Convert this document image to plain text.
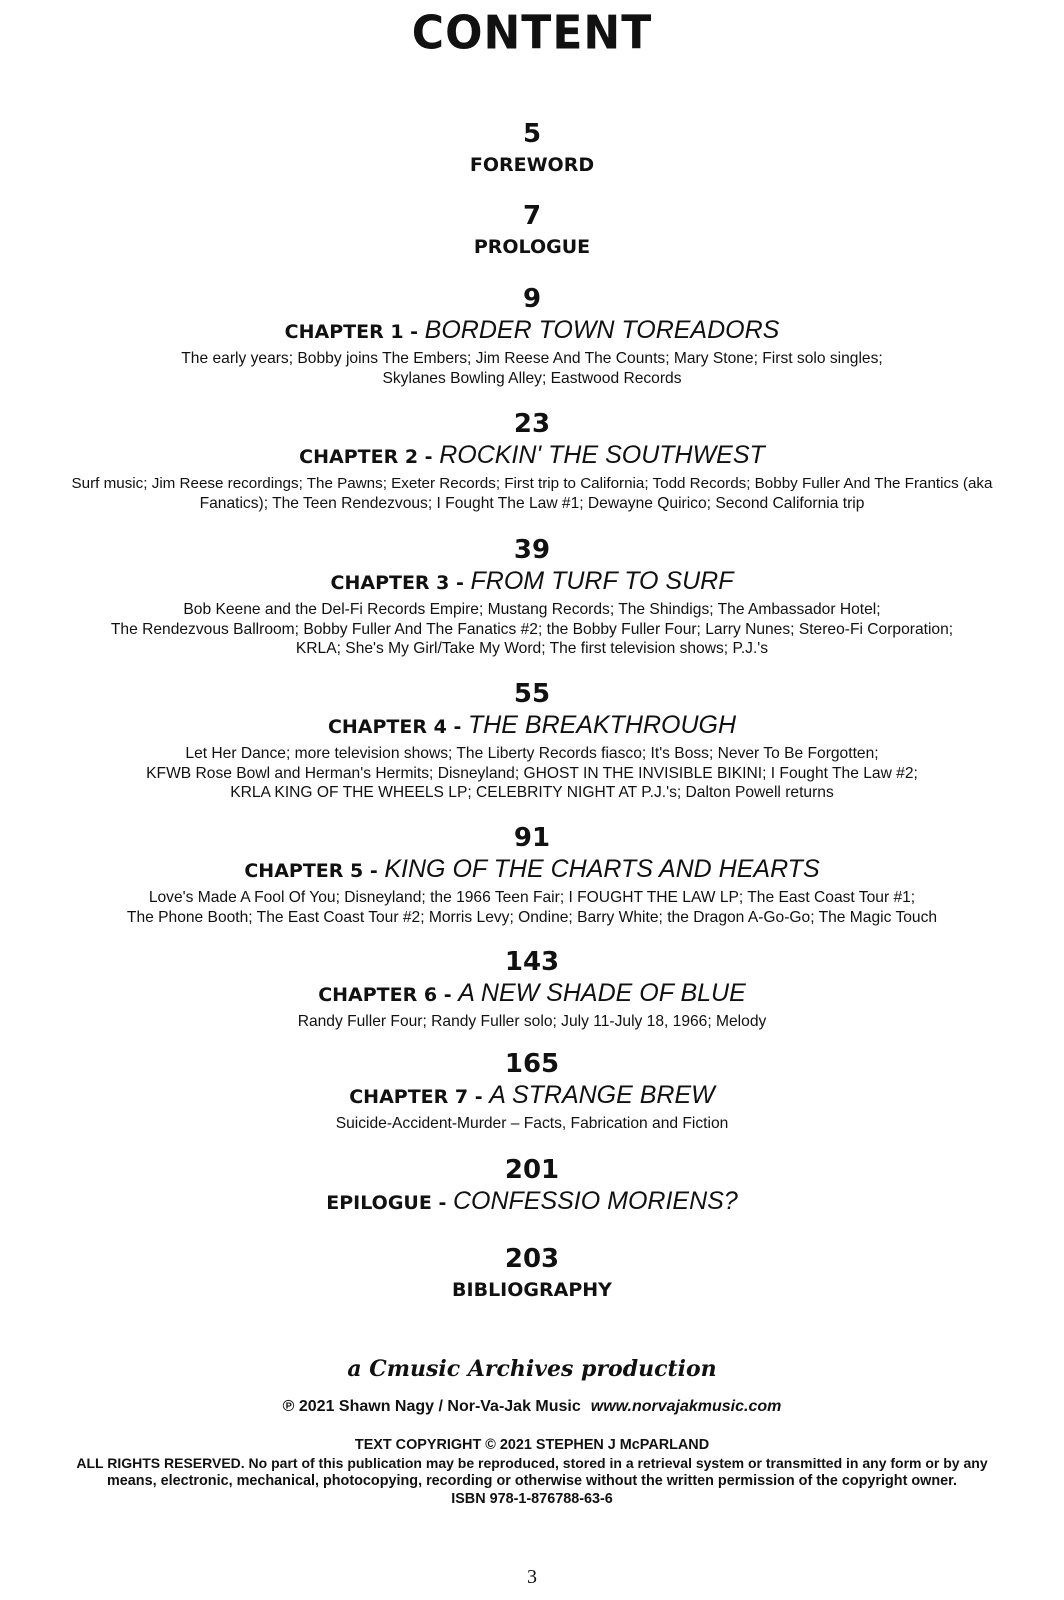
CONTENT
5
FOREWORD
7
PROLOGUE
9
CHAPTER 1 - BORDER TOWN TOREADORS
The early years; Bobby joins The Embers; Jim Reese And The Counts; Mary Stone; First solo singles;
Skylanes Bowling Alley; Eastwood Records
23
CHAPTER 2 - ROCKIN' THE SOUTHWEST
Surf music; Jim Reese recordings; The Pawns; Exeter Records; First trip to California; Todd Records; Bobby Fuller And The Frantics (aka
Fanatics); The Teen Rendezvous; I Fought The Law #1; Dewayne Quirico; Second California trip
39
CHAPTER 3 - FROM TURF TO SURF
Bob Keene and the Del-Fi Records Empire; Mustang Records; The Shindigs; The Ambassador Hotel;
The Rendezvous Ballroom; Bobby Fuller And The Fanatics #2; the Bobby Fuller Four; Larry Nunes; Stereo-Fi Corporation;
KRLA; She's My Girl/Take My Word; The first television shows; P.J.'s
55
CHAPTER 4 - THE BREAKTHROUGH
Let Her Dance; more television shows; The Liberty Records fiasco; It's Boss; Never To Be Forgotten;
KFWB Rose Bowl and Herman's Hermits; Disneyland; GHOST IN THE INVISIBLE BIKINI; I Fought The Law #2;
KRLA KING OF THE WHEELS LP; CELEBRITY NIGHT AT P.J.'s; Dalton Powell returns
91
CHAPTER 5 - KING OF THE CHARTS AND HEARTS
Love's Made A Fool Of You; Disneyland; the 1966 Teen Fair; I FOUGHT THE LAW LP; The East Coast Tour #1;
The Phone Booth; The East Coast Tour #2; Morris Levy; Ondine; Barry White; the Dragon A-Go-Go; The Magic Touch
143
CHAPTER 6 - A NEW SHADE OF BLUE
Randy Fuller Four; Randy Fuller solo; July 11-July 18, 1966; Melody
165
CHAPTER 7 - A STRANGE BREW
Suicide-Accident-Murder – Facts, Fabrication and Fiction
201
EPILOGUE - CONFESSIO MORIENS?
203
BIBLIOGRAPHY
a Cmusic Archives production
℗ 2021 Shawn Nagy / Nor-Va-Jak Music www.norvajakmusic.com
TEXT COPYRIGHT © 2021 STEPHEN J McPARLAND
ALL RIGHTS RESERVED. No part of this publication may be reproduced, stored in a retrieval system or transmitted in any form or by any
means, electronic, mechanical, photocopying, recording or otherwise without the written permission of the copyright owner.
ISBN 978-1-876788-63-6
3
